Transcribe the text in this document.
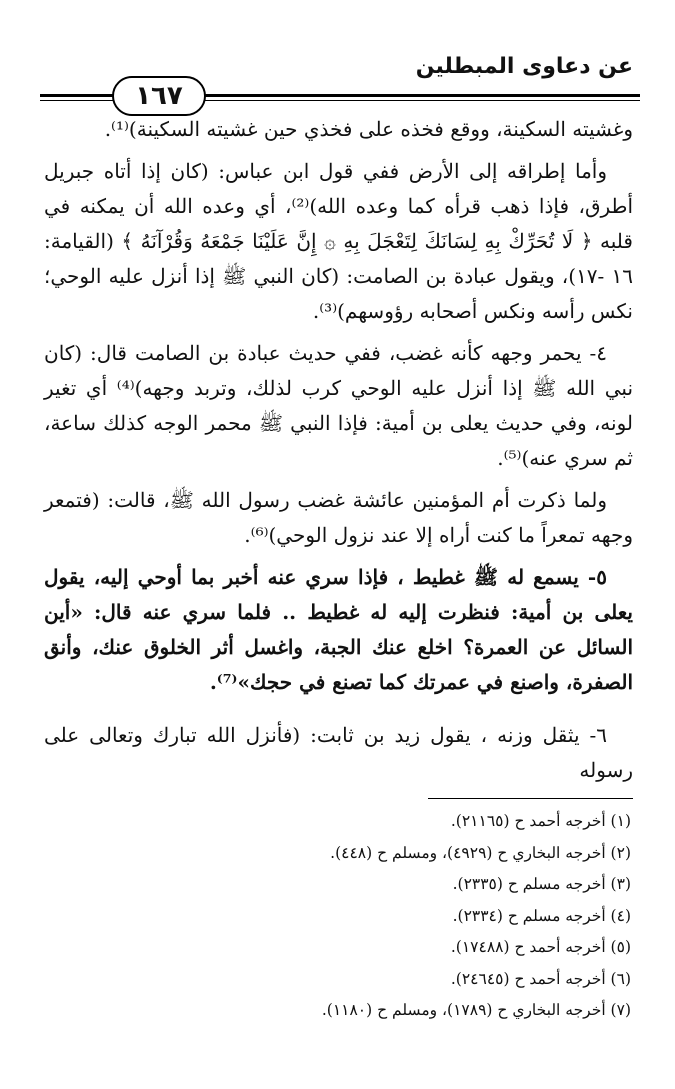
عن دعاوى المبطلين
١٦٧

وغشيته السكينة، ووقع فخذه على فخذي حين غشيته السكينة)⁽¹⁾.

وأما إطراقه إلى الأرض ففي قول ابن عباس: (كان إذا أتاه جبريل أطرق، فإذا ذهب قرأه كما وعده الله)⁽²⁾، أي وعده الله أن يمكنه في قلبه ﴿ لَا تُحَرِّكْ بِهِ لِسَانَكَ لِتَعْجَلَ بِهِ ۞ إِنَّ عَلَيْنَا جَمْعَهُ وَقُرْآنَهُ ﴾ (القيامة: ١٦ -١٧)، ويقول عبادة بن الصامت: (كان النبي ﷺ إذا أنزل عليه الوحي؛ نكس رأسه ونكس أصحابه رؤوسهم)⁽³⁾.

٤- يحمر وجهه كأنه غضب، ففي حديث عبادة بن الصامت قال: (كان نبي الله ﷺ إذا أنزل عليه الوحي كرب لذلك، وتربد وجهه)⁽⁴⁾ أي تغير لونه، وفي حديث يعلى بن أمية: فإذا النبي ﷺ محمر الوجه كذلك ساعة، ثم سري عنه)⁽⁵⁾.

ولما ذكرت أم المؤمنين عائشة غضب رسول الله ﷺ، قالت: (فتمعر وجهه تمعراً ما كنت أراه إلا عند نزول الوحي)⁽⁶⁾.

٥- يسمع له ﷺ غطيط ، فإذا سري عنه أخبر بما أوحي إليه، يقول يعلى بن أمية: فنظرت إليه له غطيط .. فلما سري عنه قال: «أين السائل عن العمرة؟ اخلع عنك الجبة، واغسل أثر الخلوق عنك، وأنق الصفرة، واصنع في عمرتك كما تصنع في حجك»⁽⁷⁾.

٦- يثقل وزنه ، يقول زيد بن ثابت: (فأنزل الله تبارك وتعالى على رسوله

(١) أخرجه أحمد ح (٢١١٦٥).

(٢) أخرجه البخاري ح (٤٩٢٩)، ومسلم ح (٤٤٨).

(٣) أخرجه مسلم ح (٢٣٣٥).

(٤) أخرجه مسلم ح (٢٣٣٤).

(٥) أخرجه أحمد ح (١٧٤٨٨).

(٦) أخرجه أحمد ح (٢٤٦٤٥).

(٧) أخرجه البخاري ح (١٧٨٩)، ومسلم ح (١١٨٠).
